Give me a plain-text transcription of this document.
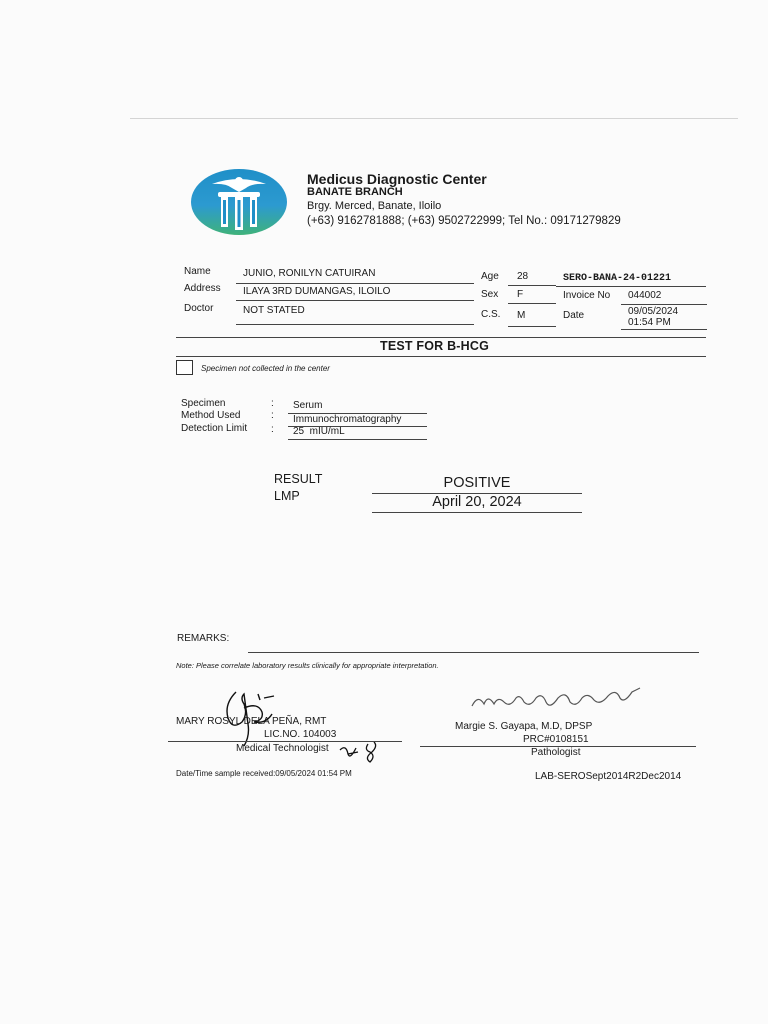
Medicus Diagnostic Center
BANATE BRANCH
Brgy. Merced, Banate, Iloilo
(+63) 9162781888; (+63) 9502722999; Tel No.: 09171279829
Name	JUNIO, RONILYN CATUIRAN
Address ILAYA 3RD DUMANGAS, ILOILO
Doctor	NOT STATED
Age 28
Sex F
C.S. M
SERO-BANA-24-01221
Invoice No 044002
Date	09/05/2024
01:54 PM
TEST FOR B-HCG
Specimen not collected in the center
Specimen	: Serum
Method Used	: Immunochromatography
Detection Limit : 25  mIU/mL
RESULT	POSITIVE
LMP	April 20, 2024
REMARKS:
Note: Please correlate laboratory results clinically for appropriate interpretation.
MARY ROSYL DELA PEÑA, RMT
LIC.NO. 104003
Medical Technologist
Margie S. Gayapa, M.D, DPSP
PRC#0108151
Pathologist
Date/Time sample received:09/05/2024 01:54 PM	LAB-SEROSept2014R2Dec2014
